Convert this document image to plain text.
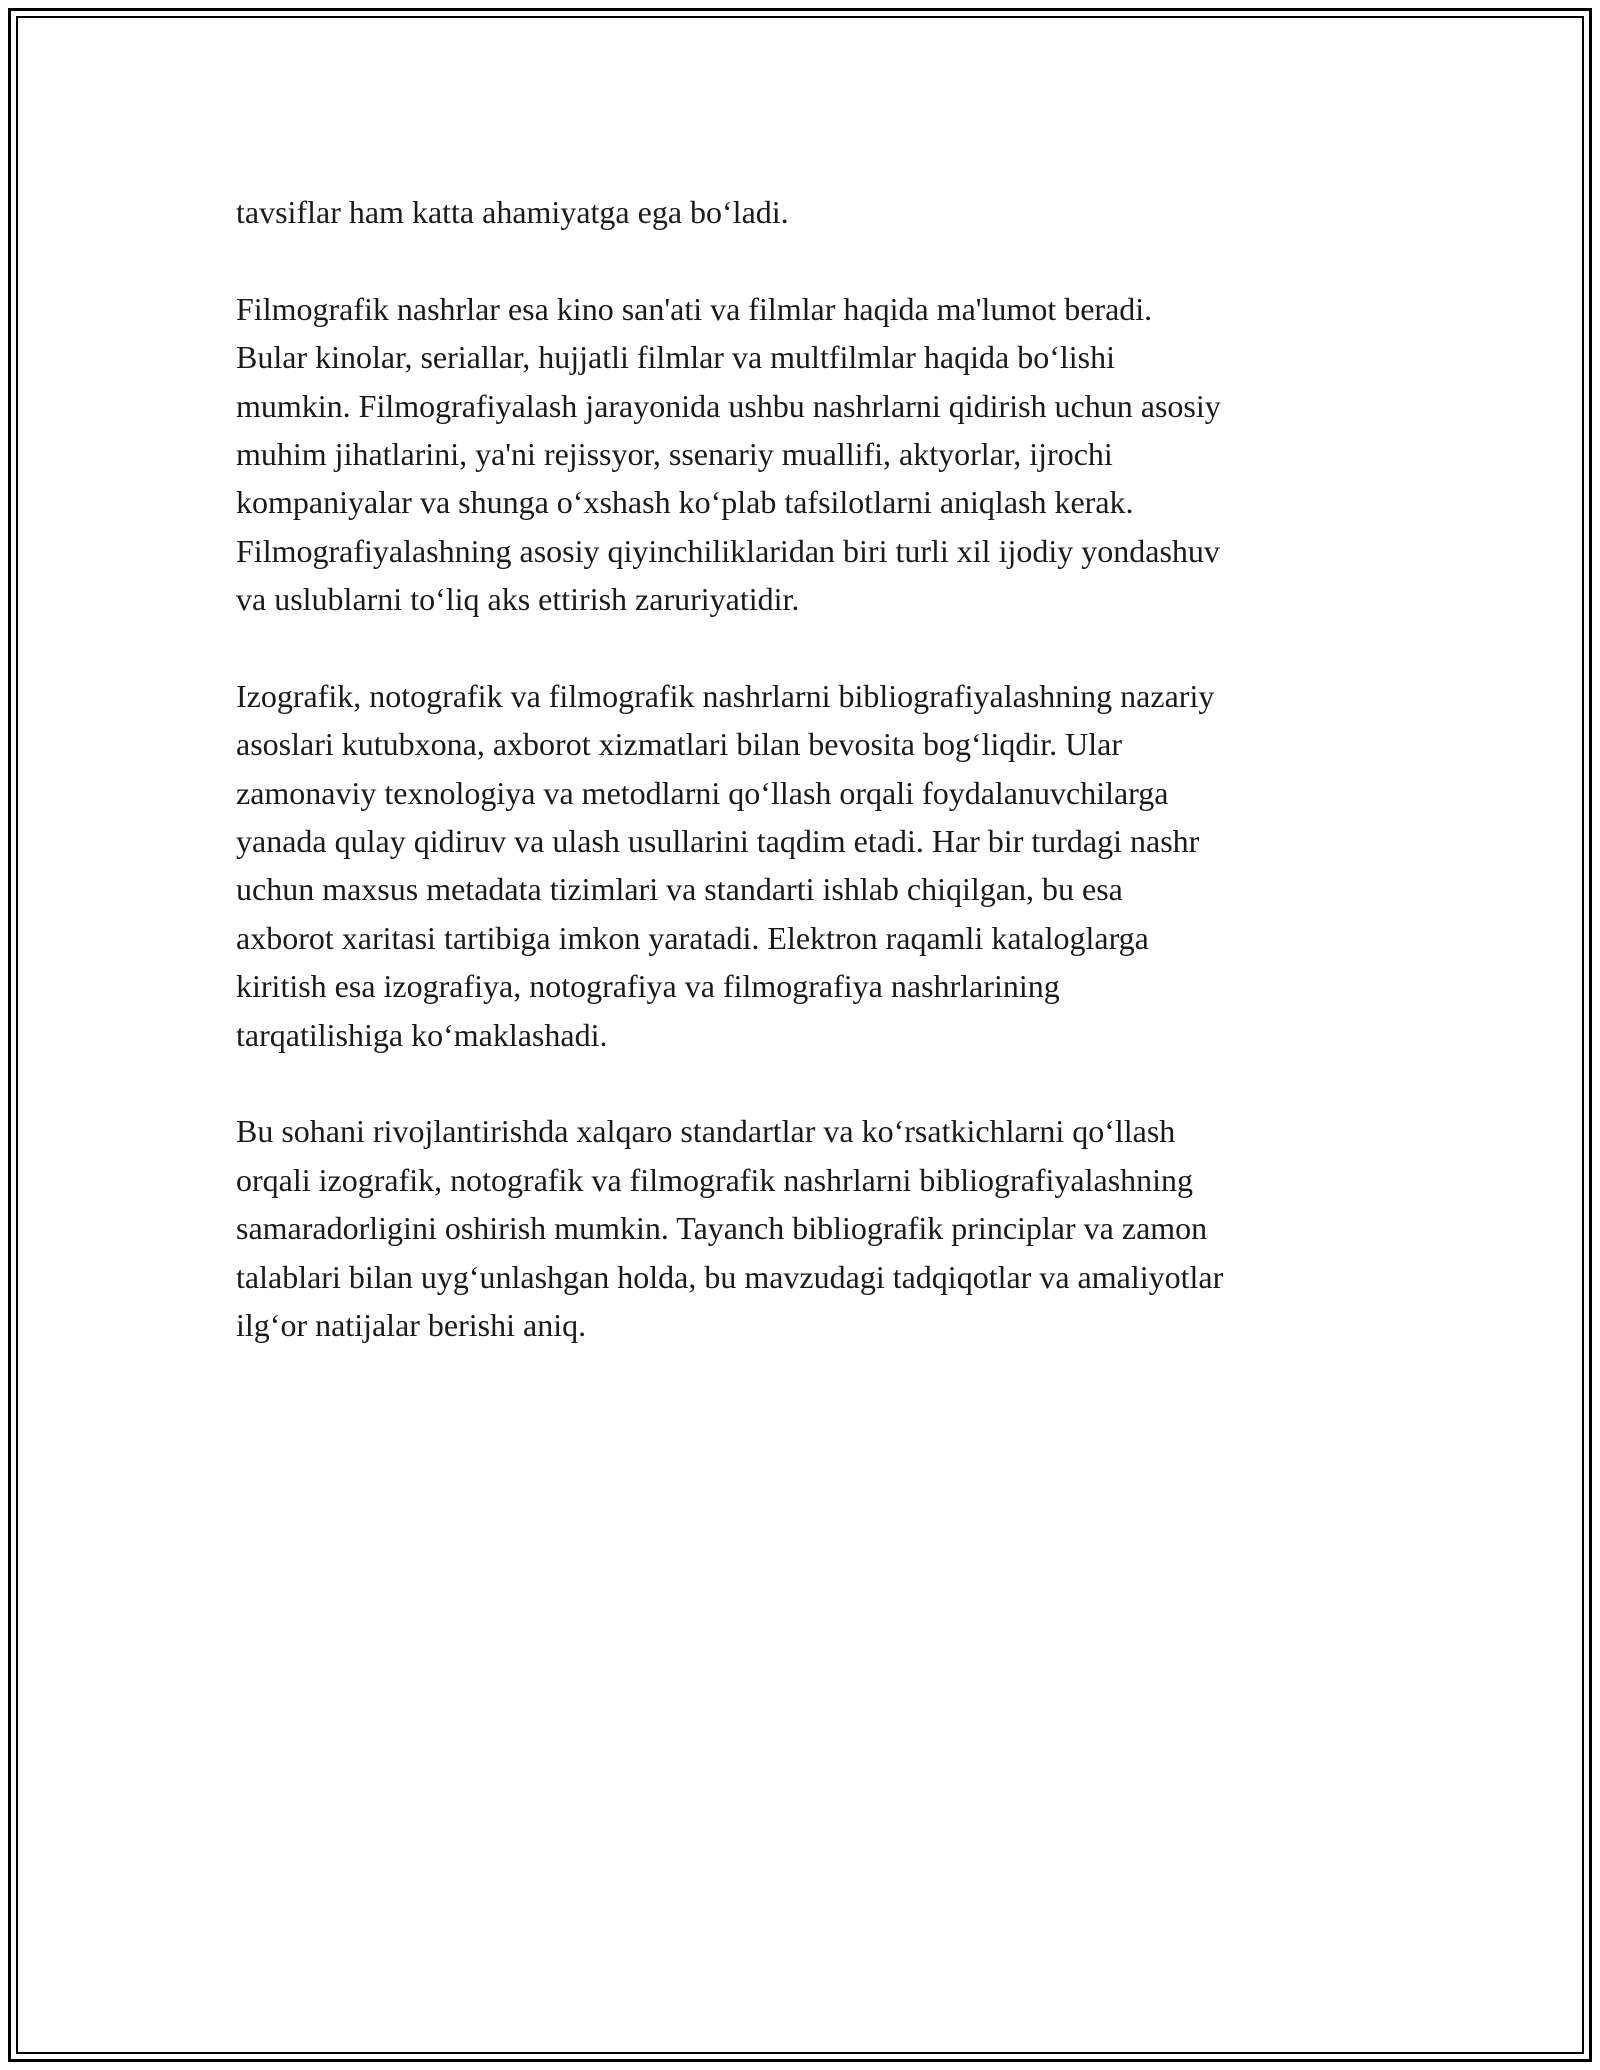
tavsiflar ham katta ahamiyatga ega bo‘ladi.

Filmografik nashrlar esa kino san'ati va filmlar haqida ma'lumot beradi.
Bular kinolar, seriallar, hujjatli filmlar va multfilmlar haqida bo‘lishi
mumkin. Filmografiyalash jarayonida ushbu nashrlarni qidirish uchun asosiy
muhim jihatlarini, ya'ni rejissyor, ssenariy muallifi, aktyorlar, ijrochi
kompaniyalar va shunga o‘xshash ko‘plab tafsilotlarni aniqlash kerak.
Filmografiyalashning asosiy qiyinchiliklaridan biri turli xil ijodiy yondashuv
va uslublarni to‘liq aks ettirish zaruriyatidir.

Izografik, notografik va filmografik nashrlarni bibliografiyalashning nazariy
asoslari kutubxona, axborot xizmatlari bilan bevosita bog‘liqdir. Ular
zamonaviy texnologiya va metodlarni qo‘llash orqali foydalanuvchilarga
yanada qulay qidiruv va ulash usullarini taqdim etadi. Har bir turdagi nashr
uchun maxsus metadata tizimlari va standarti ishlab chiqilgan, bu esa
axborot xaritasi tartibiga imkon yaratadi. Elektron raqamli kataloglarga
kiritish esa izografiya, notografiya va filmografiya nashrlarining
tarqatilishiga ko‘maklashadi.

Bu sohani rivojlantirishda xalqaro standartlar va ko‘rsatkichlarni qo‘llash
orqali izografik, notografik va filmografik nashrlarni bibliografiyalashning
samaradorligini oshirish mumkin. Tayanch bibliografik principlar va zamon
talablari bilan uyg‘unlashgan holda, bu mavzudagi tadqiqotlar va amaliyotlar
ilg‘or natijalar berishi aniq.
